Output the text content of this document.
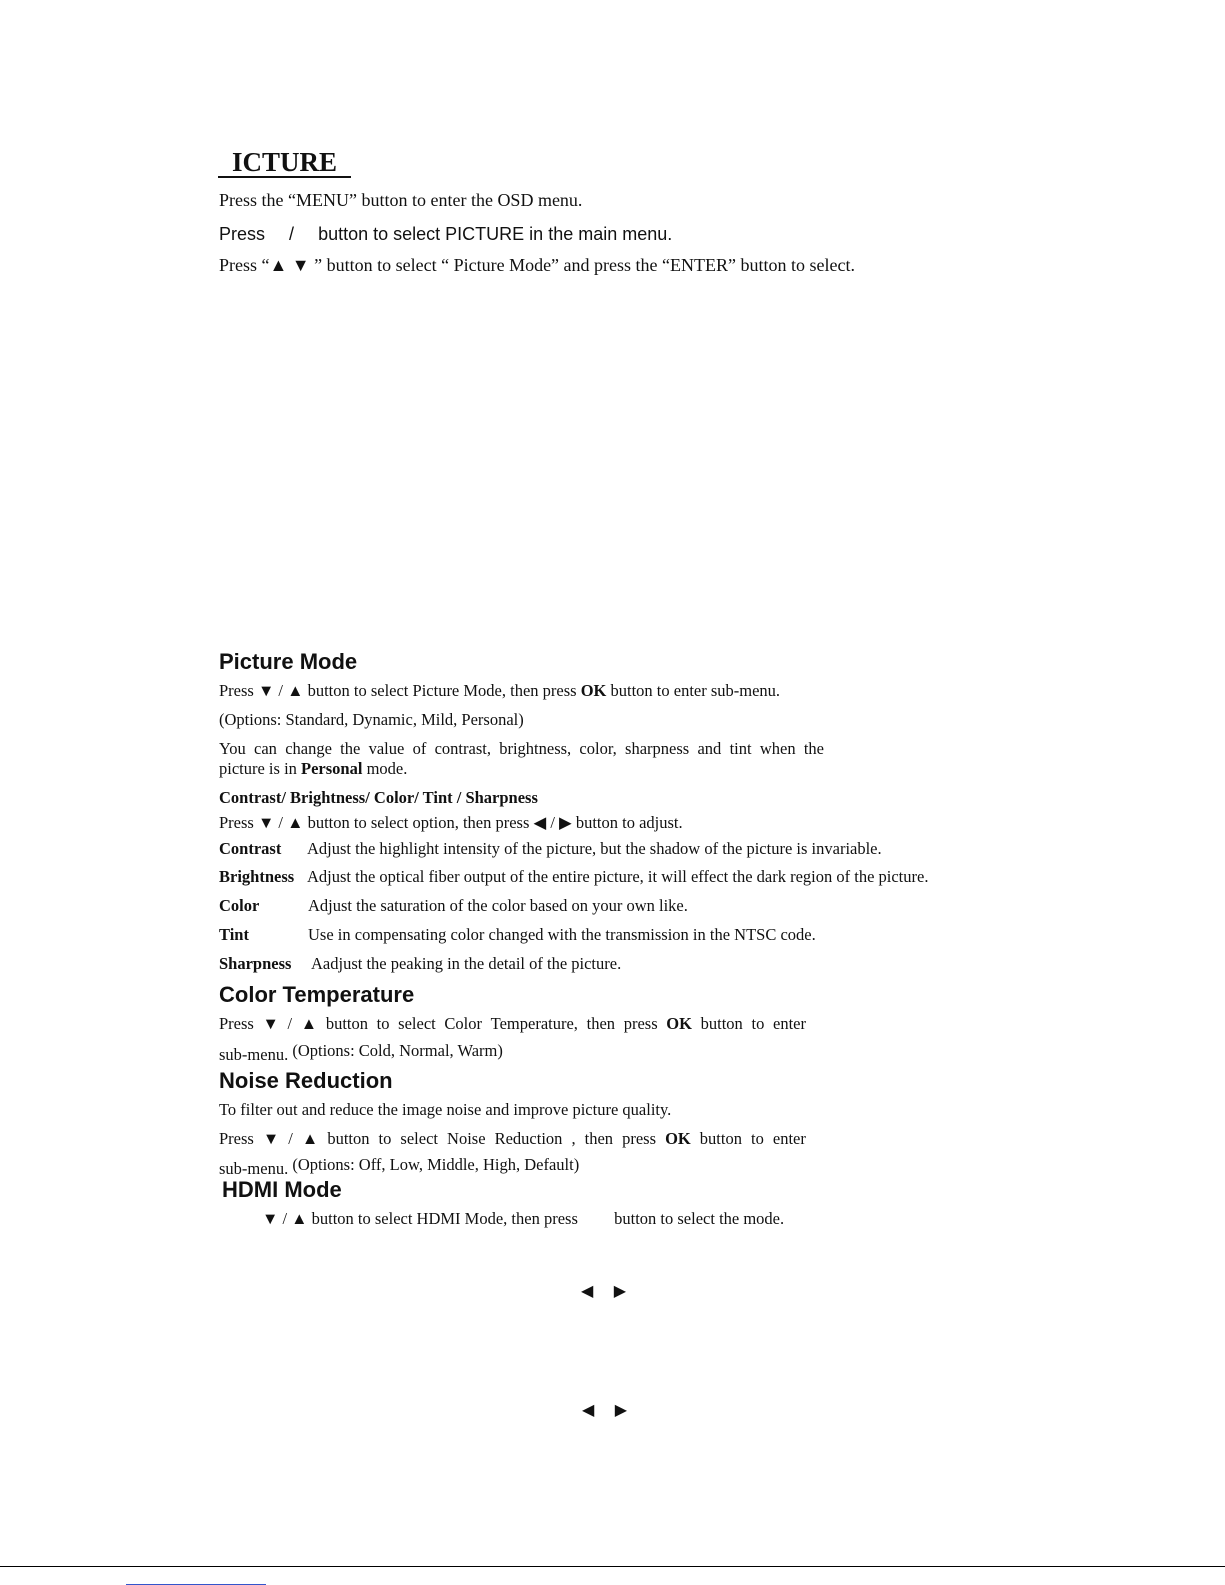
ICTURE
Press the “MENU” button to enter the OSD menu.
Press / button to select PICTURE in the main menu.
Press “▲ ▼ ” button to select “ Picture Mode” and press the “ENTER” button to select.
Picture Mode
Press ▼ / ▲ button to select Picture Mode, then press OK button to enter sub-menu.
(Options: Standard, Dynamic, Mild, Personal)
You can change the value of contrast, brightness, color, sharpness and tint when the
picture is in Personal mode.
Contrast/ Brightness/ Color/ Tint / Sharpness
Press ▼ / ▲ button to select option, then press ◀ / ▶ button to adjust.
Contrast Adjust the highlight intensity of the picture, but the shadow of the picture is invariable.
Brightness Adjust the optical fiber output of the entire picture, it will effect the dark region of the picture.
Color	Adjust the saturation of the color based on your own like.
Tint	Use in compensating color changed with the transmission in the NTSC code.
Sharpness Aadjust the peaking in the detail of the picture.
Color Temperature
Press ▼ / ▲ button to select Color Temperature, then press OK button to enter
sub-menu. (Options: Cold, Normal, Warm)
Noise Reduction
To filter out and reduce the image noise and improve picture quality.
Press ▼ / ▲ button to select Noise Reduction , then press OK button to enter
sub-menu. (Options: Off, Low, Middle, High, Default)
HDMI Mode
▼ / ▲ button to select HDMI Mode, then press button to select the mode.
◀ ▶
◀ ▶
